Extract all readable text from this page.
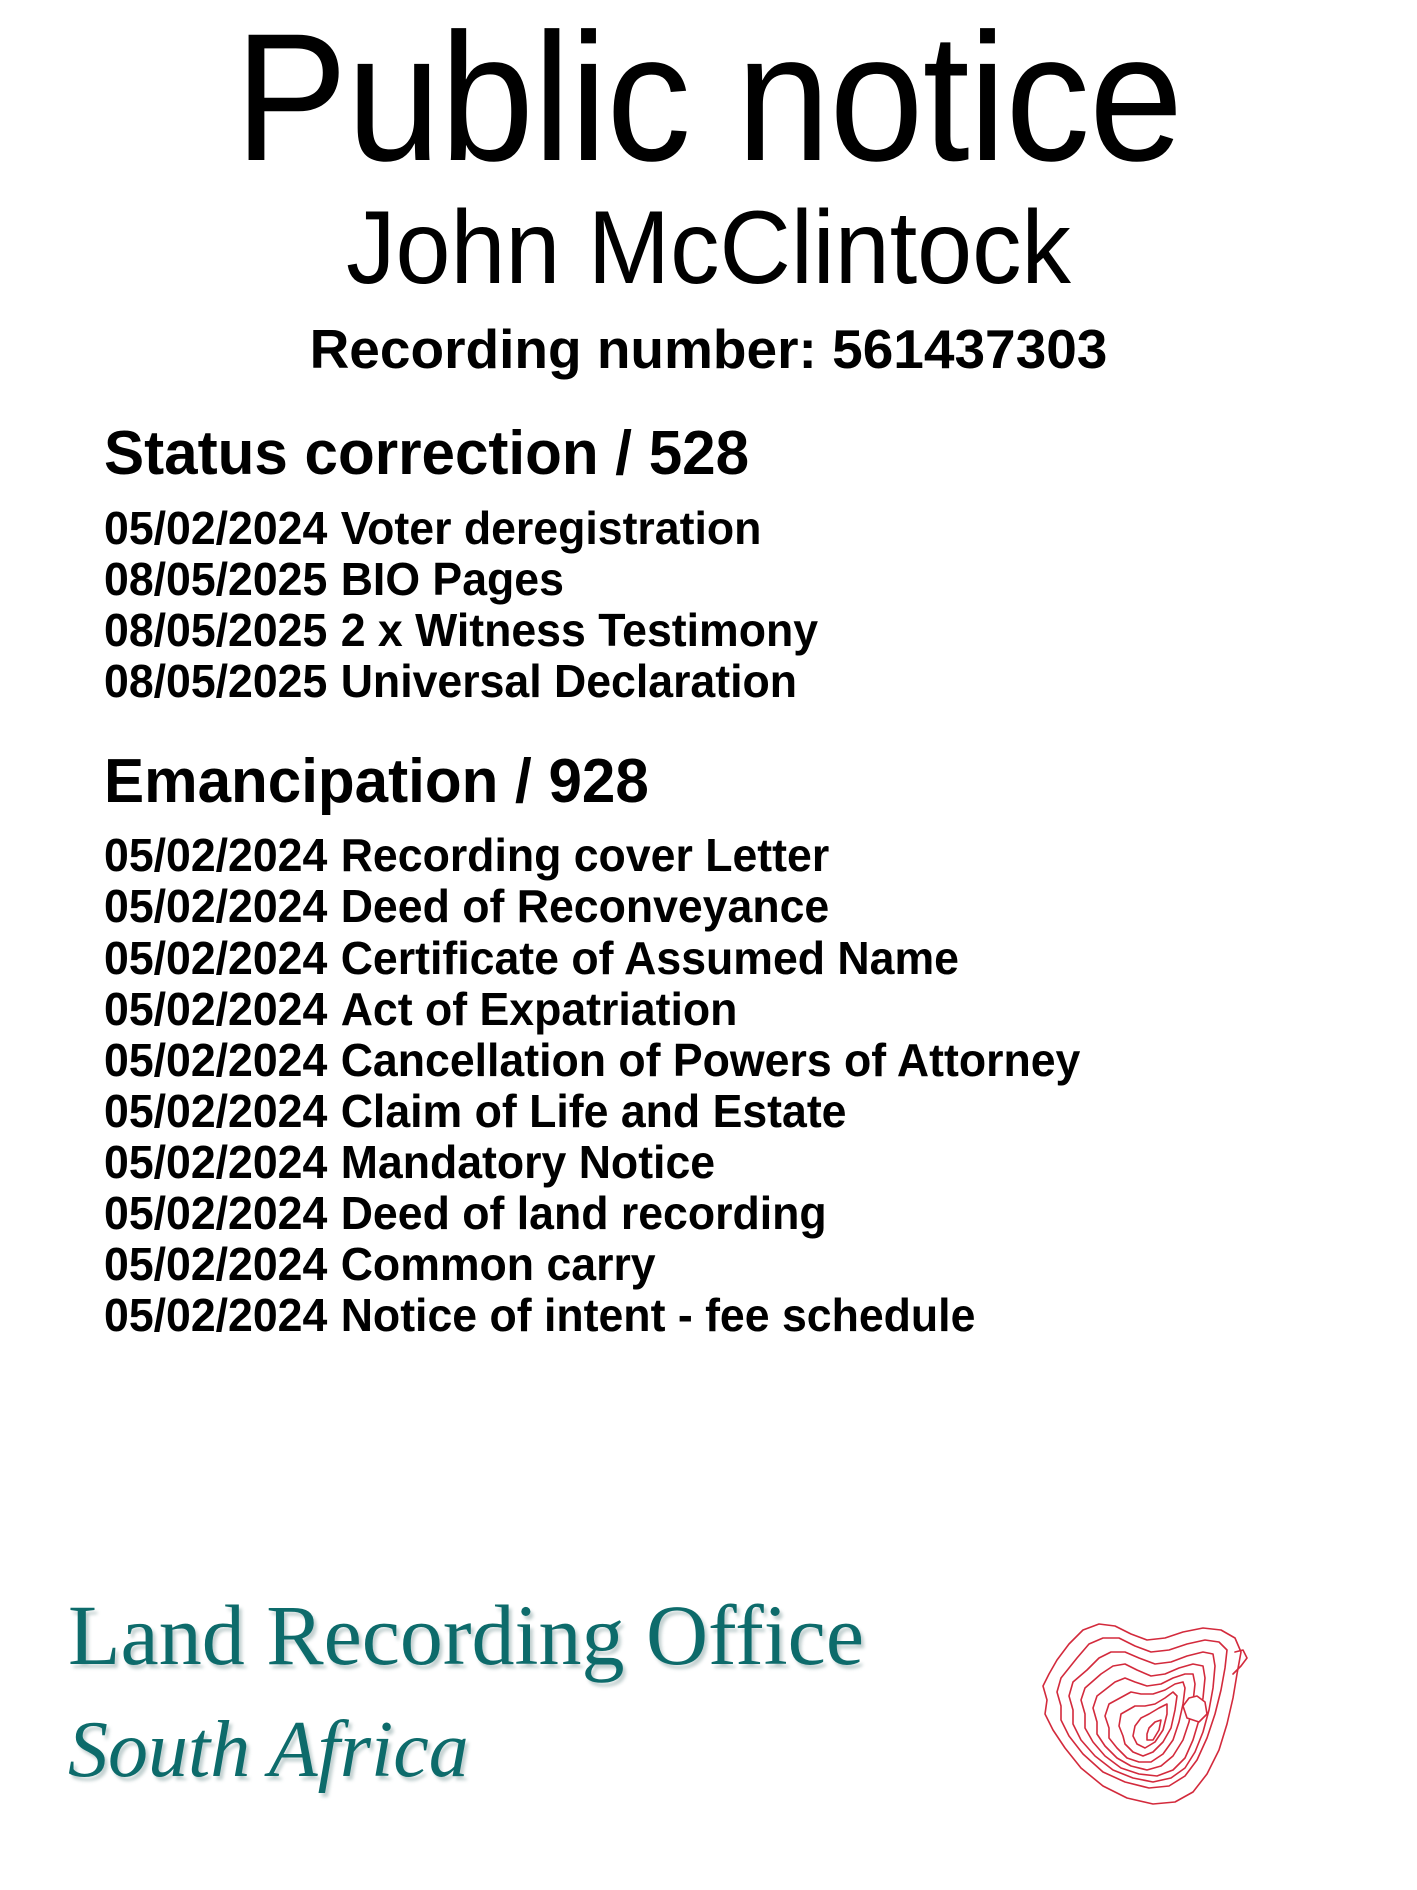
Public notice
John McClintock
Recording number: 561437303
Status correction / 528
05/02/2024 Voter deregistration
08/05/2025 BIO Pages
08/05/2025 2 x Witness Testimony
08/05/2025 Universal Declaration
Emancipation / 928
05/02/2024 Recording cover Letter
05/02/2024 Deed of Reconveyance
05/02/2024 Certificate of Assumed Name
05/02/2024 Act of Expatriation
05/02/2024 Cancellation of Powers of Attorney
05/02/2024 Claim of Life and Estate
05/02/2024 Mandatory Notice
05/02/2024 Deed of land recording
05/02/2024 Common carry
05/02/2024 Notice of intent - fee schedule
Land Recording Office
South Africa
